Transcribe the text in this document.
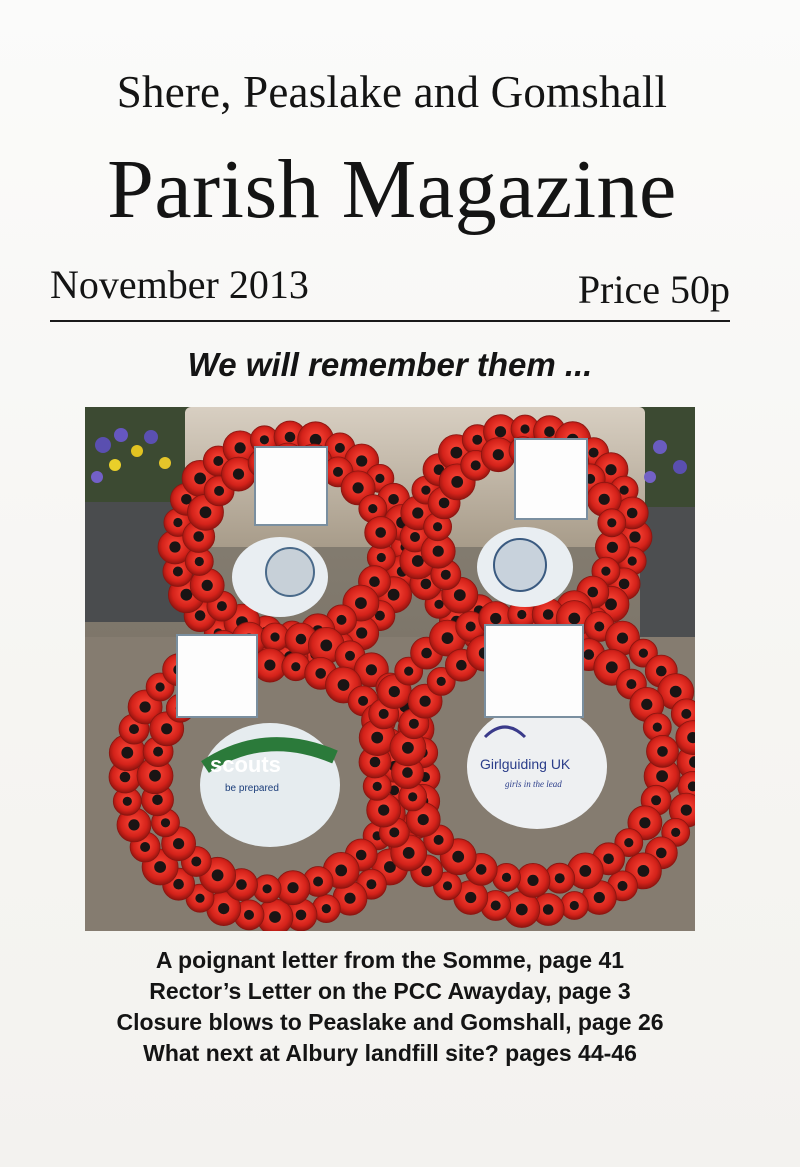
Shere, Peaslake and Gomshall
Parish Magazine
November 2013	Price 50p
We will remember them ...
scouts
be prepared
Girlguiding UK
girls in the lead
A poignant letter from the Somme, page 41
Rector’s Letter on the PCC Awayday, page 3
Closure blows to Peaslake and Gomshall, page 26
What next at Albury landfill site? pages 44-46
